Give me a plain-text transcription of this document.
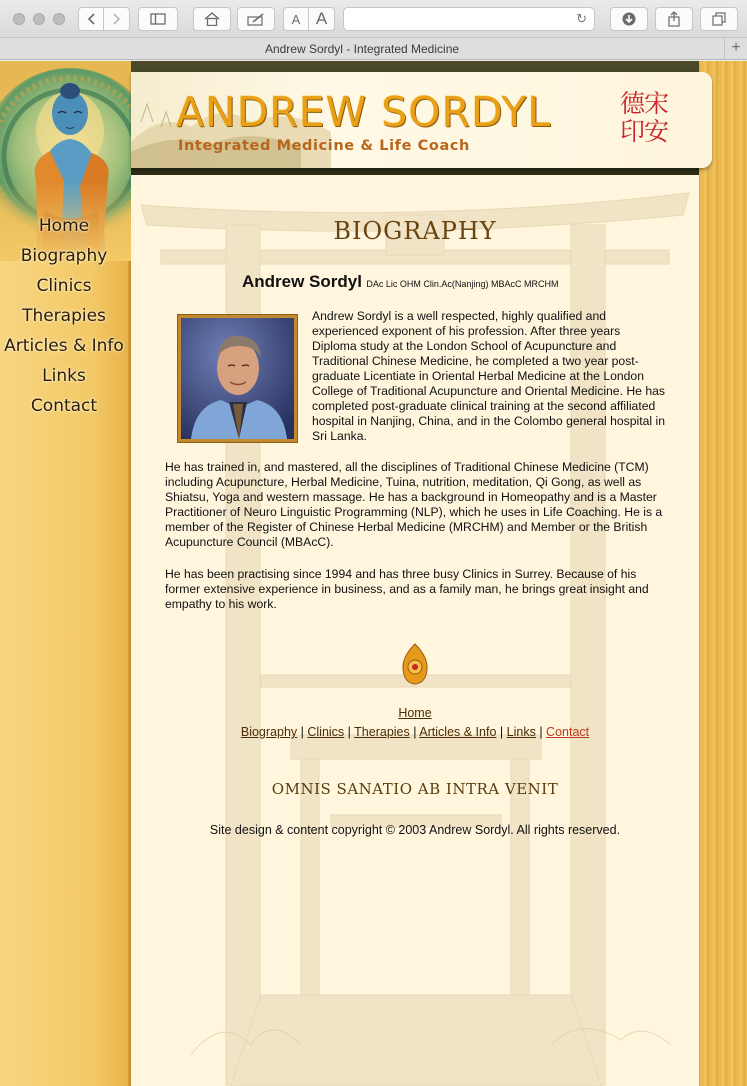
A A	↻
Andrew Sordyl - Integrated Medicine	+
ANDREW SORDYL
Integrated Medicine & Life Coach
德宋印安
Home
Biography
Clinics
Therapies
Articles & Info
Links
Contact
BIOGRAPHY
Andrew Sordyl DAc Lic OHM Clin.Ac(Nanjing) MBAcC MRCHM

Andrew Sordyl is a well respected, highly qualified and experienced exponent of his profession. After three years Diploma study at the London School of Acupuncture and Traditional Chinese Medicine, he completed a two year post-graduate Licentiate in Oriental Herbal Medicine at the London College of Traditional Acupuncture and Oriental Medicine. He has completed post-graduate clinical training at the second affiliated hospital in Nanjing, China, and in the Colombo general hospital in Sri Lanka.

He has trained in, and mastered, all the disciplines of Traditional Chinese Medicine (TCM) including Acupuncture, Herbal Medicine, Tuina, nutrition, meditation, Qi Gong, as well as Shiatsu, Yoga and western massage. He has a background in Homeopathy and is a Master Practitioner of Neuro Linguistic Programming (NLP), which he uses in Life Coaching. He is a member of the Register of Chinese Herbal Medicine (MRCHM) and Member or the British Acupuncture Council (MBAcC).

He has been practising since 1994 and has three busy Clinics in Surrey. Because of his former extensive experience in business, and as a family man, he brings great insight and empathy to his work.

Home
Biography | Clinics | Therapies | Articles & Info | Links | Contact
OMNIS SANATIO AB INTRA VENIT
Site design & content copyright © 2003 Andrew Sordyl. All rights reserved.
